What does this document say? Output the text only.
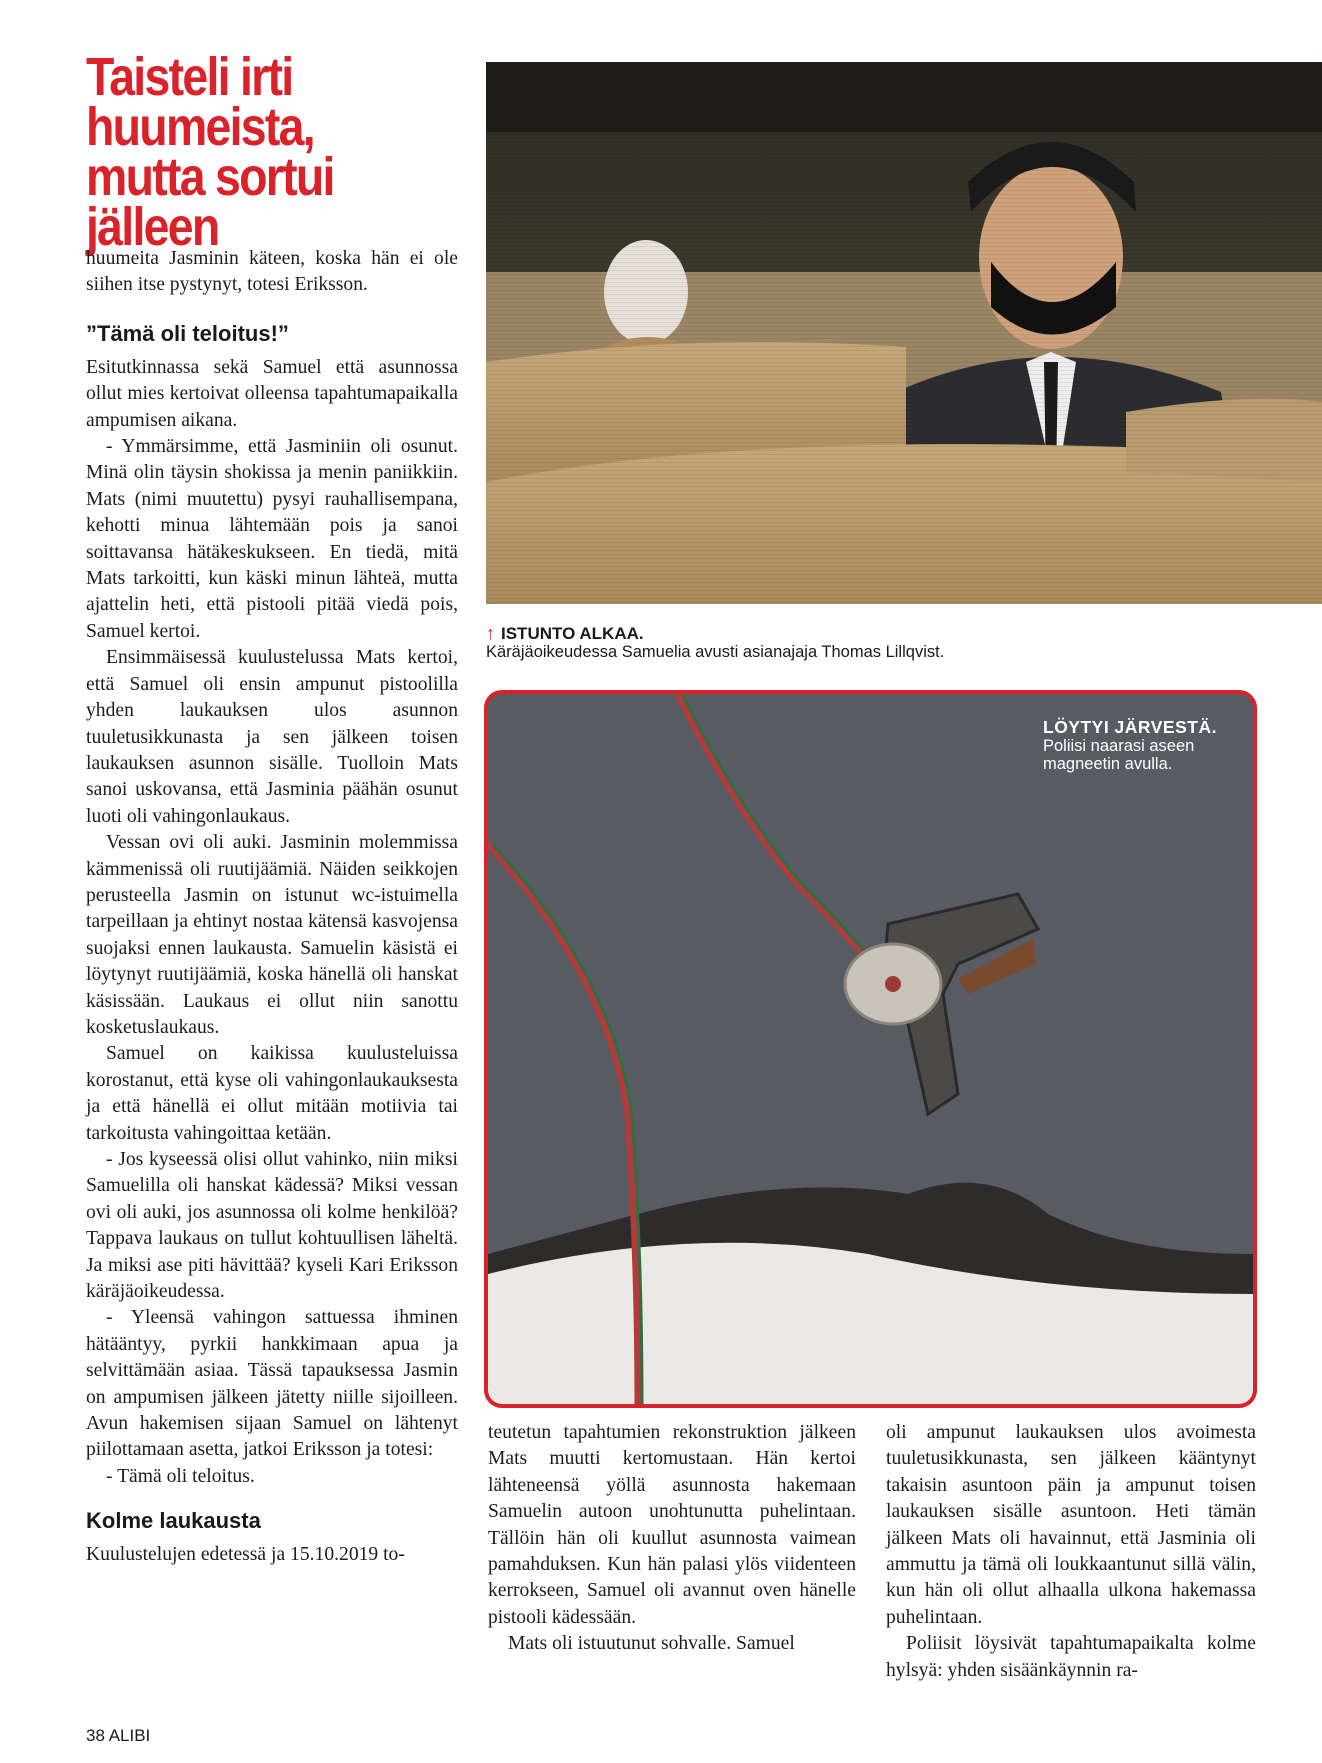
Taisteli irti huumeista, mutta sortui jälleen

huumeita Jasminin käteen, koska hän ei ole siihen itse pystynyt, totesi Eriksson.

”Tämä oli teloitus!”

Esitutkinnassa sekä Samuel että asunnossa ollut mies kertoivat olleensa tapahtumapaikalla ampumisen aikana.

- Ymmärsimme, että Jasminiin oli osunut. Minä olin täysin shokissa ja menin paniikkiin. Mats (nimi muutettu) pysyi rauhallisempana, kehotti minua lähtemään pois ja sanoi soittavansa hätäkeskukseen. En tiedä, mitä Mats tarkoitti, kun käski minun lähteä, mutta ajattelin heti, että pistooli pitää viedä pois, Samuel kertoi.

Ensimmäisessä kuulustelussa Mats kertoi, että Samuel oli ensin ampunut pistoolilla yhden laukauksen ulos asunnon tuuletusikkunasta ja sen jälkeen toisen laukauksen asunnon sisälle. Tuolloin Mats sanoi uskovansa, että Jasminia päähän osunut luoti oli vahingonlaukaus.

Vessan ovi oli auki. Jasminin molemmissa kämmenissä oli ruutijäämiä. Näiden seikkojen perusteella Jasmin on istunut wc-istuimella tarpeillaan ja ehtinyt nostaa kätensä kasvojensa suojaksi ennen laukausta. Samuelin käsistä ei löytynyt ruutijäämiä, koska hänellä oli hanskat käsissään. Laukaus ei ollut niin sanottu kosketuslaukaus.

Samuel on kaikissa kuulusteluissa korostanut, että kyse oli vahingonlaukauksesta ja että hänellä ei ollut mitään motiivia tai tarkoitusta vahingoittaa ketään.

- Jos kyseessä olisi ollut vahinko, niin miksi Samuelilla oli hanskat kädessä? Miksi vessan ovi oli auki, jos asunnossa oli kolme henkilöä? Tappava laukaus on tullut kohtuullisen läheltä. Ja miksi ase piti hävittää? kyseli Kari Eriksson käräjäoikeudessa.

- Yleensä vahingon sattuessa ihminen hätääntyy, pyrkii hankkimaan apua ja selvittämään asiaa. Tässä tapauksessa Jasmin on ampumisen jälkeen jätetty niille sijoilleen. Avun hakemisen sijaan Samuel on lähtenyt piilottamaan asetta, jatkoi Eriksson ja totesi:

- Tämä oli teloitus.

Kolme laukausta

Kuulustelujen edetessä ja 15.10.2019 to-

↑ ISTUNTO ALKAA.
Käräjäoikeudessa Samuelia avusti asianajaja Thomas Lillqvist.
LÖYTYI JÄRVESTÄ.
Poliisi naarasi aseen magneetin avulla.

teutetun tapahtumien rekonstruktion jälkeen Mats muutti kertomustaan. Hän kertoi lähteneensä yöllä asunnosta hakemaan Samuelin autoon unohtunutta puhelintaan. Tällöin hän oli kuullut asunnosta vaimean pamahduksen. Kun hän palasi ylös viidenteen kerrokseen, Samuel oli avannut oven hänelle pistooli kädessään.

Mats oli istuutunut sohvalle. Samuel

oli ampunut laukauksen ulos avoimesta tuuletusikkunasta, sen jälkeen kääntynyt takaisin asuntoon päin ja ampunut toisen laukauksen sisälle asuntoon. Heti tämän jälkeen Mats oli havainnut, että Jasminia oli ammuttu ja tämä oli loukkaantunut sillä välin, kun hän oli ollut alhaalla ulkona hakemassa puhelintaan.

Poliisit löysivät tapahtumapaikalta kolme hylsyä: yhden sisäänkäynnin ra-

38 ALIBI
